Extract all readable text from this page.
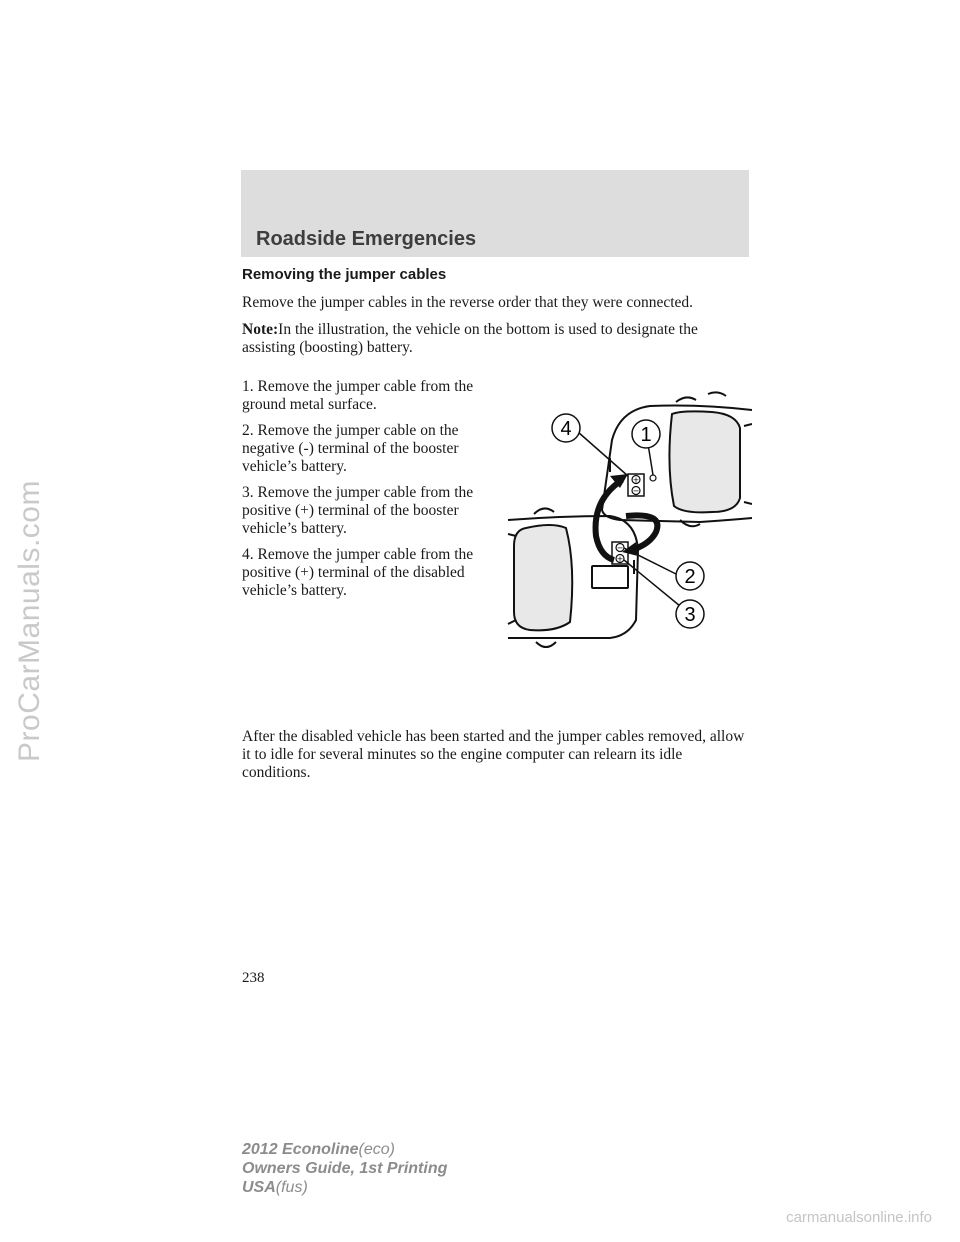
ProCarManuals.com
Roadside Emergencies
Removing the jumper cables

Remove the jumper cables in the reverse order that they were connected.

Note:In the illustration, the vehicle on the bottom is used to designate the assisting (boosting) battery.

1. Remove the jumper cable from the ground metal surface.

2. Remove the jumper cable on the negative (-) terminal of the booster vehicle’s battery.

3. Remove the jumper cable from the positive (+) terminal of the booster vehicle’s battery.

4. Remove the jumper cable from the positive (+) terminal of the disabled vehicle’s battery.

+
−
−
+
4	1
2
3

After the disabled vehicle has been started and the jumper cables removed, allow it to idle for several minutes so the engine computer can relearn its idle conditions.

238

2012 Econoline(eco)
Owners Guide, 1st Printing
USA(fus)

carmanualsonline.info
